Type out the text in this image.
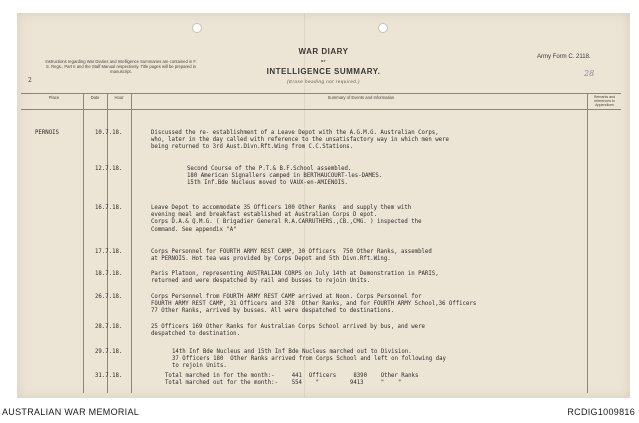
Instructions regarding War Diaries and Intelligence Summaries are contained in F. S. Regs., Part II and the Staff Manual respectively. Title pages will be prepared in manuscript.
2
WAR DIARY
or
INTELLIGENCE SUMMARY.
(Erase heading not required.)
Army Form C. 2118.
28
Place	Date	Hour	Summary of Events and Information	Remarks and references to Appendices
PERNOIS	10.7.18.	Discussed the re- establishment of a Leave Depot with the A.G.M.G. Australian Corps,
who, later in the day called with reference to the unsatisfactory way in which men were
being returned to 3rd Aust.Divn.Rft.Wing from C.C.Stations.
12.7.18.	Second Course of the P.T.& B.F.School assembled.
180 American Signallers camped in BERTHAUCOURT-les-DAMES.
15th Inf.Bde Nucleus moved to VAUX-en-AMIENOIS.
16.7.18.	Leave Depot to accommodate 35 Officers 100 Other Ranks  and supply them with
evening meal and breakfast established at Australian Corps D epot.
Corps D.A.& Q.M.G. ( Brigadier General R.A.CARRUTHERS.,CB.,CMG. ) inspected the
Command. See appendix "A"
17.7.18.	Corps Personnel for FOURTH ARMY REST CAMP, 30 Officers  750 Other Ranks, assembled
at PERNOIS. Hot tea was provided by Corps Depot and 5th Divn.Rft.Wing.
18.7.18.	Paris Platoon, representing AUSTRALIAN CORPS on July 14th at Demonstration in PARIS,
returned and were despatched by rail and busses to rejoin Units.
26.7.18.	Corps Personnel from FOURTH ARMY REST CAMP arrived at Noon. Corps Personnel for
FOURTH ARMY REST CAMP, 31 Officers and 378  Other Ranks, and for FOURTH ARMY School,36 Officers
77 Other Ranks, arrived by busses. All were despatched to destinations.
28.7.18.	25 Officers 169 Other Ranks for Australian Corps School arrived by bus, and were
despatched to destination.
29.7.18.	14th Inf Bde Nucleus and 15th Inf Bde Nucleus marched out to Division.
37 Officers 180  Other Ranks arrived from Corps School and left on following day
to rejoin Units.
31.7.18.	Total marched in for the month:-     441  Officers     8390    Other Ranks
Total marched out for the month:-    554    "         9413     "    "
AUSTRALIAN WAR MEMORIAL	RCDIG1009816
